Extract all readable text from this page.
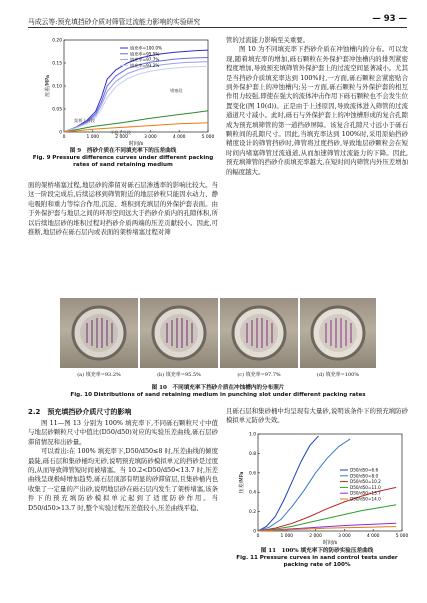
马成云等:预充填挡砂介质对筛管过流能力影响的实验研究	— 93 —
0	1 000	2 000	3 000	4 000	5 000
0
0.05
0.10
0.15
0.20
时间/s
压差/MPa
填充率=100.0%
填充率=95.5%
填充率=97.7%
填充率=93.2%
架桥上升段
平稳上升段
堵塞段
图 9　挡砂介质在不同填充率下的压差曲线
Fig. 9 Pressure difference curves under different packing rates of sand retaining medium

面的架桥堵塞过程,地层砂的滞留对砾石层渗透率的影响比较大。当这一阶段完成后,后续运移到筛管附近的地层砂粒只能因水动力、静电吸附和重力等综合作用,沉淀、堆积到充填层的外保护套表面。由于外保护套与地层之间的环形空间远大于挡砂介质内的孔隙体积,所以后续地层砂的堆积过程对挡砂介质两端的压差贡献较小。因此,可推断,地层砂在砾石层内或表面的架桥堵塞过程对筛

管的过流能力影响至关重要。

图 10 为不同填充率下挡砂介质在冲蚀槽内的分布。可以发现,随着填充率的增加,砾石颗粒在外保护套冲蚀槽内的排列紧密程度增加,导致预充填筛管外保护套上的过流空间显著减小。尤其是当挡砂介质填充率达到 100%时,一方面,砾石颗粒会紧密贴合到外保护套上的冲蚀槽内;另一方面,砾石颗粒与外保护套的相互作用力较强,即使在强大的流体冲击作用下砾石颗粒也不会发生位置变化(图 10(d))。正是由于上述原因,导致流体进入筛管的过流通道尺寸减小。此时,砾石与外保护套上的冲蚀槽形成的复合孔隙成为预充填筛管的第一道挡砂屏障。该复合孔隙尺寸远小于砾石颗粒间的孔隙尺寸。因此,当填充率达到 100%时,采用原始挡砂精度设计的筛管挡砂时,筛管将过度挡砂,导致地层砂颗粒会在短时间内堵塞筛管过流通道,从而加速筛管过流能力的下降。因此,预充填筛管的挡砂介质填充率越大,在短时间内筛管内外压差增加的幅度越大。

(a) 填充率=93.2%	(b) 填充率=95.5%	(c) 填充率=97.7%	(d) 填充率=100%
图 10　不同填充率下挡砂介质在冲蚀槽内的分布照片
Fig. 10 Distributions of sand retaining medium in punching slot under different packing rates
2.2　预充填挡砂介质尺寸的影响

图 11—图 13 分别为 100% 填充率下,不同砾石颗粒尺寸中值与地层砂颗粒尺寸中值比(D50/d50)对应的实验压差曲线,砾石层砂滞留情况和出砂量。

可以看出:在 100% 填充率下,D50/d50≤8 时,压差曲线的倾度最陡,砾石层和集砂桶均无砂,说明预充填防砂模拟单元的挡砂是过度的,从而导致筛管短时间被堵塞。当 10.2<D50/d50<13.7 时,压差曲线呈现极峙增加趋势,砾石层顶部有明显的砂滞留层,且集砂桶内也收集了一定量的产出砂,说明地层砂在砾石层内发生了架桥堵塞,该条件下的预充填防砂模拟单元起到了适度防砂作用。当 D50/d50>13.7 时,整个实验过程压差值较小,压差曲线平稳,

且砾石层和集砂桶中均呈现有大量砂,说明该条件下的预充填防砂模拟单元防砂失效。

0	1 000	2 000	3 000	4 000	5 000
0
0.2
0.4
0.6
0.8
1.0
时间/s
压差/MPa
D50/d50=6.6
D50/d50=8.0
D50/d50=10.2
D50/d50=11.0
D50/d50=13.7
D50/d50=14.0
图 11　100% 填充率下的防砂实验压差曲线
Fig. 11 Pressure curves in sand control tests under packing rate of 100%
